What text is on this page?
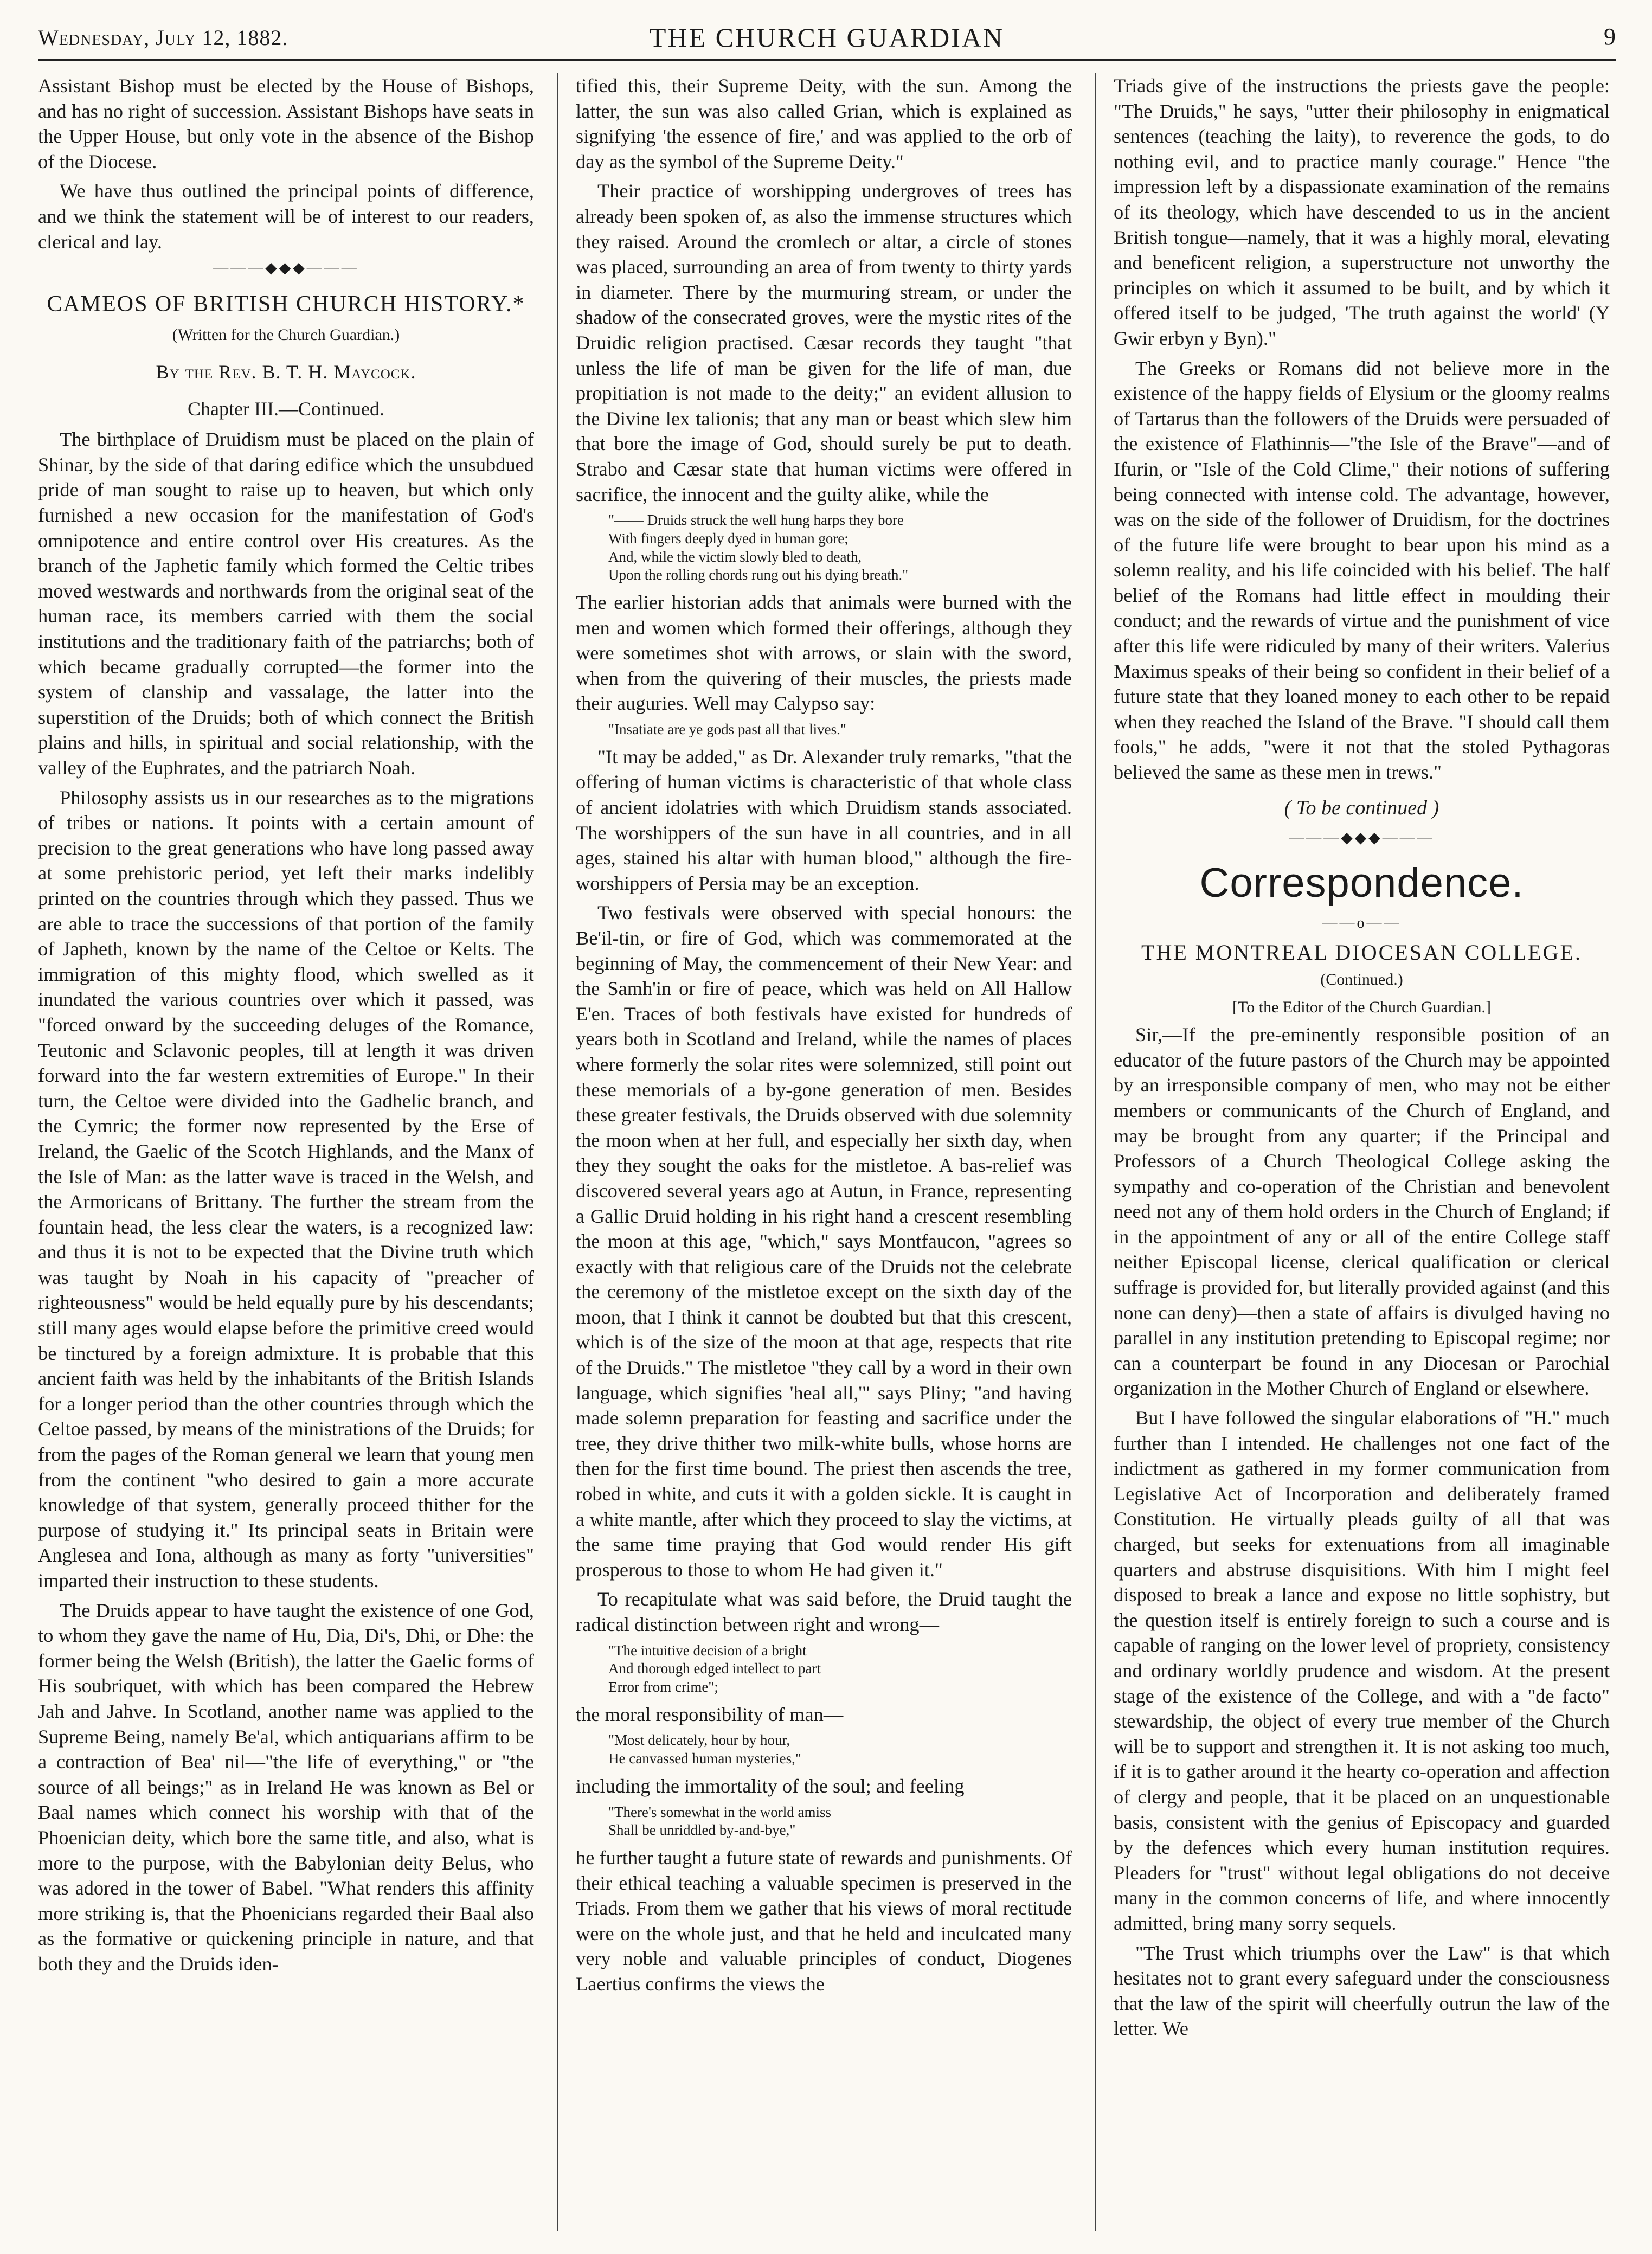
Wednesday, July 12, 1882.	THE CHURCH GUARDIAN	9

Assistant Bishop must be elected by the House of Bishops, and has no right of succession. Assistant Bishops have seats in the Upper House, but only vote in the absence of the Bishop of the Diocese.

We have thus outlined the principal points of difference, and we think the statement will be of interest to our readers, clerical and lay.

———◆◆◆———
CAMEOS OF BRITISH CHURCH HISTORY.*
(Written for the Church Guardian.)
By the Rev. B. T. H. Maycock.
Chapter III.—Continued.

The birthplace of Druidism must be placed on the plain of Shinar, by the side of that daring edifice which the unsubdued pride of man sought to raise up to heaven, but which only furnished a new occasion for the manifestation of God's omnipotence and entire control over His creatures. As the branch of the Japhetic family which formed the Celtic tribes moved westwards and northwards from the original seat of the human race, its members carried with them the social institutions and the traditionary faith of the patriarchs; both of which became gradually corrupted—the former into the system of clanship and vassalage, the latter into the superstition of the Druids; both of which connect the British plains and hills, in spiritual and social relationship, with the valley of the Euphrates, and the patriarch Noah.

Philosophy assists us in our researches as to the migrations of tribes or nations. It points with a certain amount of precision to the great generations who have long passed away at some prehistoric period, yet left their marks indelibly printed on the countries through which they passed. Thus we are able to trace the successions of that portion of the family of Japheth, known by the name of the Celtoe or Kelts. The immigration of this mighty flood, which swelled as it inundated the various countries over which it passed, was "forced onward by the succeeding deluges of the Romance, Teutonic and Sclavonic peoples, till at length it was driven forward into the far western extremities of Europe." In their turn, the Celtoe were divided into the Gadhelic branch, and the Cymric; the former now represented by the Erse of Ireland, the Gaelic of the Scotch Highlands, and the Manx of the Isle of Man: as the latter wave is traced in the Welsh, and the Armoricans of Brittany. The further the stream from the fountain head, the less clear the waters, is a recognized law: and thus it is not to be expected that the Divine truth which was taught by Noah in his capacity of "preacher of righteousness" would be held equally pure by his descendants; still many ages would elapse before the primitive creed would be tinctured by a foreign admixture. It is probable that this ancient faith was held by the inhabitants of the British Islands for a longer period than the other countries through which the Celtoe passed, by means of the ministrations of the Druids; for from the pages of the Roman general we learn that young men from the continent "who desired to gain a more accurate knowledge of that system, generally proceed thither for the purpose of studying it." Its principal seats in Britain were Anglesea and Iona, although as many as forty "universities" imparted their instruction to these students.

The Druids appear to have taught the existence of one God, to whom they gave the name of Hu, Dia, Di's, Dhi, or Dhe: the former being the Welsh (British), the latter the Gaelic forms of His soubriquet, with which has been compared the Hebrew Jah and Jahve. In Scotland, another name was applied to the Supreme Being, namely Be'al, which antiquarians affirm to be a contraction of Bea' nil—"the life of everything," or "the source of all beings;" as in Ireland He was known as Bel or Baal names which connect his worship with that of the Phoenician deity, which bore the same title, and also, what is more to the purpose, with the Babylonian deity Belus, who was adored in the tower of Babel. "What renders this affinity more striking is, that the Phoenicians regarded their Baal also as the formative or quickening principle in nature, and that both they and the Druids iden-

tified this, their Supreme Deity, with the sun. Among the latter, the sun was also called Grian, which is explained as signifying 'the essence of fire,' and was applied to the orb of day as the symbol of the Supreme Deity."

Their practice of worshipping undergroves of trees has already been spoken of, as also the immense structures which they raised. Around the cromlech or altar, a circle of stones was placed, surrounding an area of from twenty to thirty yards in diameter. There by the murmuring stream, or under the shadow of the consecrated groves, were the mystic rites of the Druidic religion practised. Cæsar records they taught "that unless the life of man be given for the life of man, due propitiation is not made to the deity;" an evident allusion to the Divine lex talionis; that any man or beast which slew him that bore the image of God, should surely be put to death. Strabo and Cæsar state that human victims were offered in sacrifice, the innocent and the guilty alike, while the

"—— Druids struck the well hung harps they bore
With fingers deeply dyed in human gore;
And, while the victim slowly bled to death,
Upon the rolling chords rung out his dying breath."

The earlier historian adds that animals were burned with the men and women which formed their offerings, although they were sometimes shot with arrows, or slain with the sword, when from the quivering of their muscles, the priests made their auguries. Well may Calypso say:

"Insatiate are ye gods past all that lives."

"It may be added," as Dr. Alexander truly remarks, "that the offering of human victims is characteristic of that whole class of ancient idolatries with which Druidism stands associated. The worshippers of the sun have in all countries, and in all ages, stained his altar with human blood," although the fire-worshippers of Persia may be an exception.

Two festivals were observed with special honours: the Be'il-tin, or fire of God, which was commemorated at the beginning of May, the commencement of their New Year: and the Samh'in or fire of peace, which was held on All Hallow E'en. Traces of both festivals have existed for hundreds of years both in Scotland and Ireland, while the names of places where formerly the solar rites were solemnized, still point out these memorials of a by-gone generation of men. Besides these greater festivals, the Druids observed with due solemnity the moon when at her full, and especially her sixth day, when they they sought the oaks for the mistletoe. A bas-relief was discovered several years ago at Autun, in France, representing a Gallic Druid holding in his right hand a crescent resembling the moon at this age, "which," says Montfaucon, "agrees so exactly with that religious care of the Druids not the celebrate the ceremony of the mistletoe except on the sixth day of the moon, that I think it cannot be doubted but that this crescent, which is of the size of the moon at that age, respects that rite of the Druids." The mistletoe "they call by a word in their own language, which signifies 'heal all,'" says Pliny; "and having made solemn preparation for feasting and sacrifice under the tree, they drive thither two milk-white bulls, whose horns are then for the first time bound. The priest then ascends the tree, robed in white, and cuts it with a golden sickle. It is caught in a white mantle, after which they proceed to slay the victims, at the same time praying that God would render His gift prosperous to those to whom He had given it."

To recapitulate what was said before, the Druid taught the radical distinction between right and wrong—

"The intuitive decision of a bright
And thorough edged intellect to part
Error from crime";

the moral responsibility of man—

"Most delicately, hour by hour,
He canvassed human mysteries,"

including the immortality of the soul; and feeling

"There's somewhat in the world amiss
Shall be unriddled by-and-bye,"

he further taught a future state of rewards and punishments. Of their ethical teaching a valuable specimen is preserved in the Triads. From them we gather that his views of moral rectitude were on the whole just, and that he held and inculcated many very noble and valuable principles of conduct, Diogenes Laertius confirms the views the

Triads give of the instructions the priests gave the people: "The Druids," he says, "utter their philosophy in enigmatical sentences (teaching the laity), to reverence the gods, to do nothing evil, and to practice manly courage." Hence "the impression left by a dispassionate examination of the remains of its theology, which have descended to us in the ancient British tongue—namely, that it was a highly moral, elevating and beneficent religion, a superstructure not unworthy the principles on which it assumed to be built, and by which it offered itself to be judged, 'The truth against the world' (Y Gwir erbyn y Byn)."

The Greeks or Romans did not believe more in the existence of the happy fields of Elysium or the gloomy realms of Tartarus than the followers of the Druids were persuaded of the existence of Flathinnis—"the Isle of the Brave"—and of Ifurin, or "Isle of the Cold Clime," their notions of suffering being connected with intense cold. The advantage, however, was on the side of the follower of Druidism, for the doctrines of the future life were brought to bear upon his mind as a solemn reality, and his life coincided with his belief. The half belief of the Romans had little effect in moulding their conduct; and the rewards of virtue and the punishment of vice after this life were ridiculed by many of their writers. Valerius Maximus speaks of their being so confident in their belief of a future state that they loaned money to each other to be repaid when they reached the Island of the Brave. "I should call them fools," he adds, "were it not that the stoled Pythagoras believed the same as these men in trews."

( To be continued )
———◆◆◆———
Correspondence.
——o——
THE MONTREAL DIOCESAN COLLEGE.
(Continued.)
[To the Editor of the Church Guardian.]

Sir,—If the pre-eminently responsible position of an educator of the future pastors of the Church may be appointed by an irresponsible company of men, who may not be either members or communicants of the Church of England, and may be brought from any quarter; if the Principal and Professors of a Church Theological College asking the sympathy and co-operation of the Christian and benevolent need not any of them hold orders in the Church of England; if in the appointment of any or all of the entire College staff neither Episcopal license, clerical qualification or clerical suffrage is provided for, but literally provided against (and this none can deny)—then a state of affairs is divulged having no parallel in any institution pretending to Episcopal regime; nor can a counterpart be found in any Diocesan or Parochial organization in the Mother Church of England or elsewhere.

But I have followed the singular elaborations of "H." much further than I intended. He challenges not one fact of the indictment as gathered in my former communication from Legislative Act of Incorporation and deliberately framed Constitution. He virtually pleads guilty of all that was charged, but seeks for extenuations from all imaginable quarters and abstruse disquisitions. With him I might feel disposed to break a lance and expose no little sophistry, but the question itself is entirely foreign to such a course and is capable of ranging on the lower level of propriety, consistency and ordinary worldly prudence and wisdom. At the present stage of the existence of the College, and with a "de facto" stewardship, the object of every true member of the Church will be to support and strengthen it. It is not asking too much, if it is to gather around it the hearty co-operation and affection of clergy and people, that it be placed on an unquestionable basis, consistent with the genius of Episcopacy and guarded by the defences which every human institution requires. Pleaders for "trust" without legal obligations do not deceive many in the common concerns of life, and where innocently admitted, bring many sorry sequels.

"The Trust which triumphs over the Law" is that which hesitates not to grant every safeguard under the consciousness that the law of the spirit will cheerfully outrun the law of the letter. We
